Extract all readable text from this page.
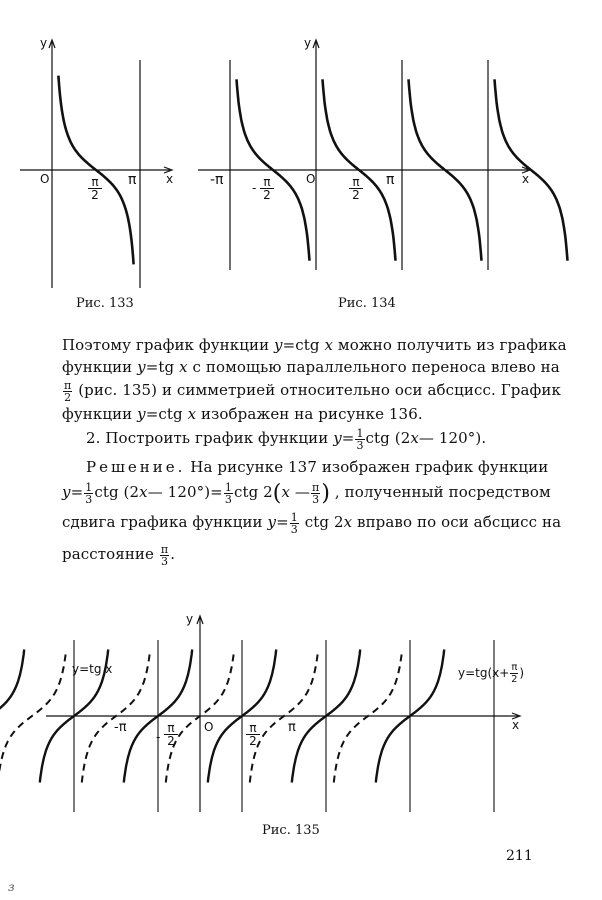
y
x
O	$\frac{\pi}{2}$ π
Рис. 133
y
x
O
$-\pi - \frac{\pi}{2}$	$\frac{\pi}{2}$ π
Рис. 134
Поэтому график функции y=ctg x можно получить из графика
функции y=tg x с помощью параллельного переноса влево на
$\frac{\pi}{2} (рис$. 135) и симметрией относительно оси абсцисс. График
функции y=ctg x изображен на рисунке 136.
2. Построить график функции $y= \frac{1}{3}$ ctg (2x— 120°).
Решение. На рисунке 137 изображен график функции
$y= \frac{1}{3}$ ctg (2x— $120^\circ)= \frac{1}{3}$ ctg 2(x — $\frac{\pi}{3}$ ) , полученный посредством
сдвига графика функции $y= \frac{1}{3}$ ctg 2x вправо по оси абсцисс на
расстояние $\frac{\pi}{3}$ .
y
x
O
y=tg x	$y=tg(x+ \frac{\pi}{2}$ )
-π
-
π
2
π
2
π
Рис. 135
211
з
